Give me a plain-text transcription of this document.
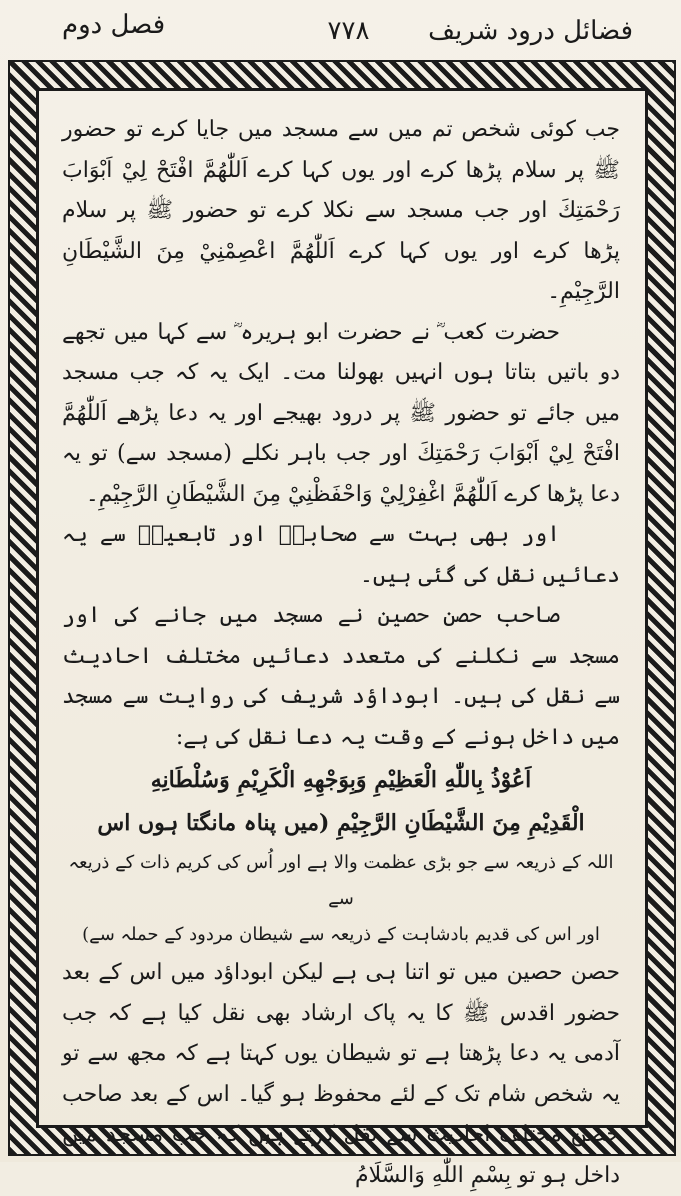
فضائل درود شریف
۷۷۸
فصل دوم

جب کوئی شخص تم میں سے مسجد میں جایا کرے تو حضور ﷺ پر سلام پڑھا کرے اور یوں کہا کرے اَللّٰهُمَّ افْتَحْ لِيْ اَبْوَابَ رَحْمَتِكَ اور جب مسجد سے نکلا کرے تو حضور ﷺ پر سلام پڑھا کرے اور یوں کہا کرے اَللّٰهُمَّ اعْصِمْنِيْ مِنَ الشَّيْطَانِ الرَّجِيْمِ۔

حضرت کعب ؓ نے حضرت ابو ہریرہ ؓ سے کہا میں تجھے دو باتیں بتاتا ہوں انہیں بھولنا مت۔ ایک یہ کہ جب مسجد میں جائے تو حضور ﷺ پر درود بھیجے اور یہ دعا پڑھے اَللّٰهُمَّ افْتَحْ لِيْ اَبْوَابَ رَحْمَتِكَ اور جب باہر نکلے (مسجد سے) تو یہ دعا پڑھا کرے اَللّٰهُمَّ اغْفِرْلِيْ وَاحْفَظْنِيْ مِنَ الشَّيْطَانِ الرَّجِيْمِ۔

اور بھی بہت سے صحابہؓ اور تابعینؒ سے یہ دعائیں نقل کی گئی ہیں۔

صاحب حصن حصین نے مسجد میں جانے کی اور مسجد سے نکلنے کی متعدد دعائیں مختلف احادیث سے نقل کی ہیں۔ ابوداؤد شریف کی روایت سے مسجد میں داخل ہونے کے وقت یہ دعا نقل کی ہے:

اَعُوْذُ بِاللّٰهِ الْعَظِيْمِ وَبِوَجْهِهِ الْكَرِيْمِ وَسُلْطَانِهِ

الْقَدِيْمِ مِنَ الشَّيْطَانِ الرَّجِيْمِ (میں پناہ مانگتا ہوں اس

اللہ کے ذریعہ سے جو بڑی عظمت والا ہے اور اُس کی کریم ذات کے ذریعہ سے

اور اس کی قدیم بادشاہت کے ذریعہ سے شیطان مردود کے حملہ سے)

حصن حصین میں تو اتنا ہی ہے لیکن ابوداؤد میں اس کے بعد حضور اقدس ﷺ کا یہ پاک ارشاد بھی نقل کیا ہے کہ جب آدمی یہ دعا پڑھتا ہے تو شیطان یوں کہتا ہے کہ مجھ سے تو یہ شخص شام تک کے لئے محفوظ ہو گیا۔ اس کے بعد صاحب حصن مختلف احادیث سے نقل کرتے ہیں کہ جب مسجد میں داخل ہو تو بِسْمِ اللّٰهِ وَالسَّلَامُ
